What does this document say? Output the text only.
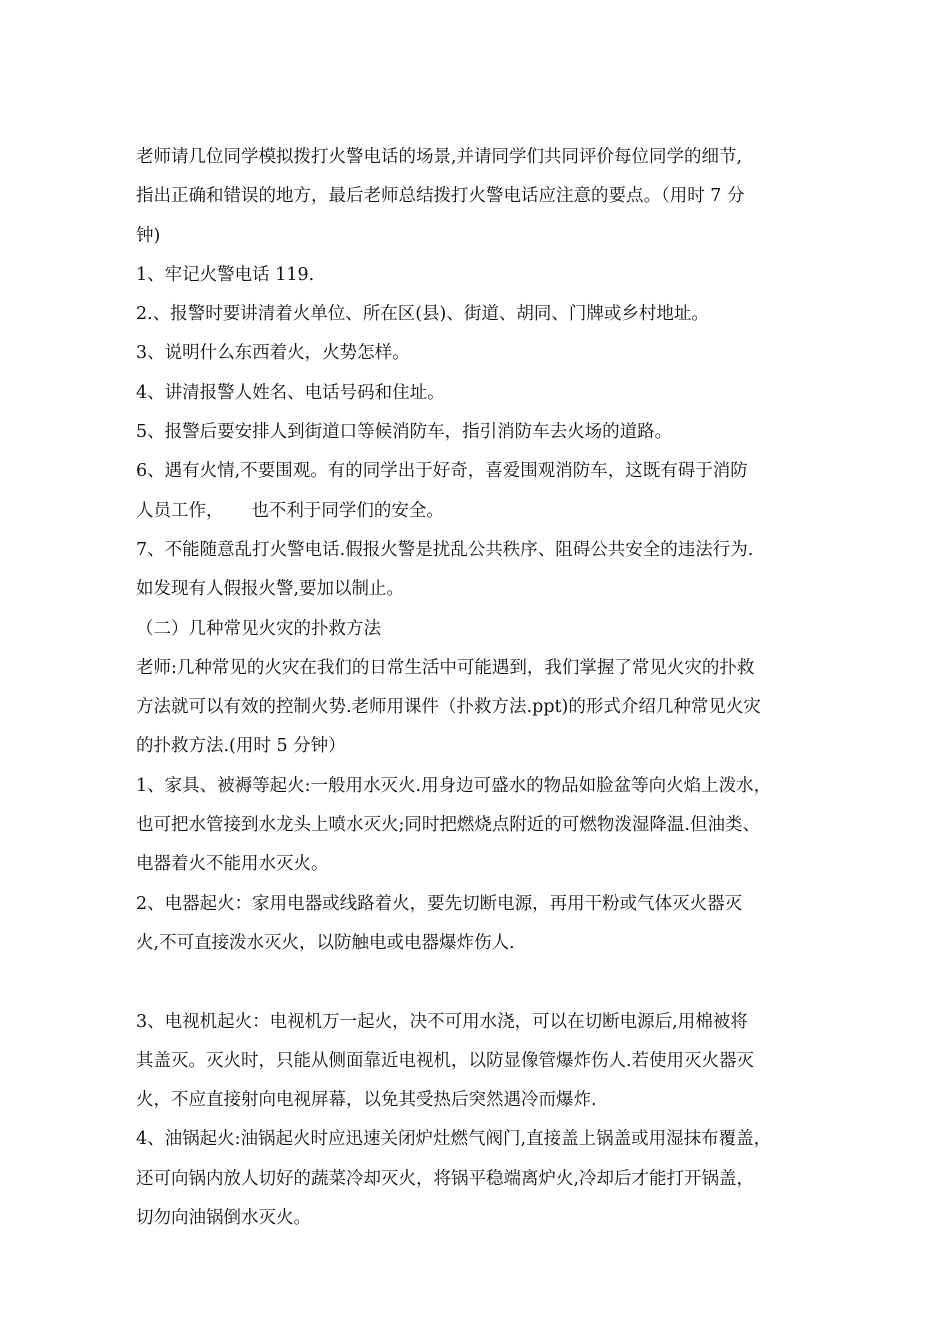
老师请几位同学模拟拨打火警电话的场景,并请同学们共同评价每位同学的细节,

指出正确和错误的地方，最后老师总结拨打火警电话应注意的要点。（用时 7 分

钟)

1、牢记火警电话 119.

2.、报警时要讲清着火单位、所在区(县)、街道、胡同、门牌或乡村地址。

3、说明什么东西着火，火势怎样。

4、讲清报警人姓名、电话号码和住址。

5、报警后要安排人到街道口等候消防车，指引消防车去火场的道路。

6、遇有火情,不要围观。有的同学出于好奇，喜爱围观消防车，这既有碍于消防

人员工作，     也不利于同学们的安全。

7、不能随意乱打火警电话.假报火警是扰乱公共秩序、阻碍公共安全的违法行为.

如发现有人假报火警,要加以制止。

（二）几种常见火灾的扑救方法

老师:几种常见的火灾在我们的日常生活中可能遇到，我们掌握了常见火灾的扑救

方法就可以有效的控制火势.老师用课件（扑救方法.ppt)的形式介绍几种常见火灾

的扑救方法.(用时 5 分钟）

1、家具、被褥等起火:一般用水灭火.用身边可盛水的物品如脸盆等向火焰上泼水，

也可把水管接到水龙头上喷水灭火;同时把燃烧点附近的可燃物泼湿降温.但油类、

电器着火不能用水灭火。

2、电器起火：家用电器或线路着火，要先切断电源，再用干粉或气体灭火器灭

火,不可直接泼水灭火，以防触电或电器爆炸伤人.

3、电视机起火：电视机万一起火，决不可用水浇，可以在切断电源后,用棉被将

其盖灭。灭火时，只能从侧面靠近电视机，以防显像管爆炸伤人.若使用灭火器灭

火，不应直接射向电视屏幕，以免其受热后突然遇冷而爆炸.

4、油锅起火:油锅起火时应迅速关闭炉灶燃气阀门,直接盖上锅盖或用湿抹布覆盖，

还可向锅内放人切好的蔬菜冷却灭火，将锅平稳端离炉火,冷却后才能打开锅盖，

切勿向油锅倒水灭火。
